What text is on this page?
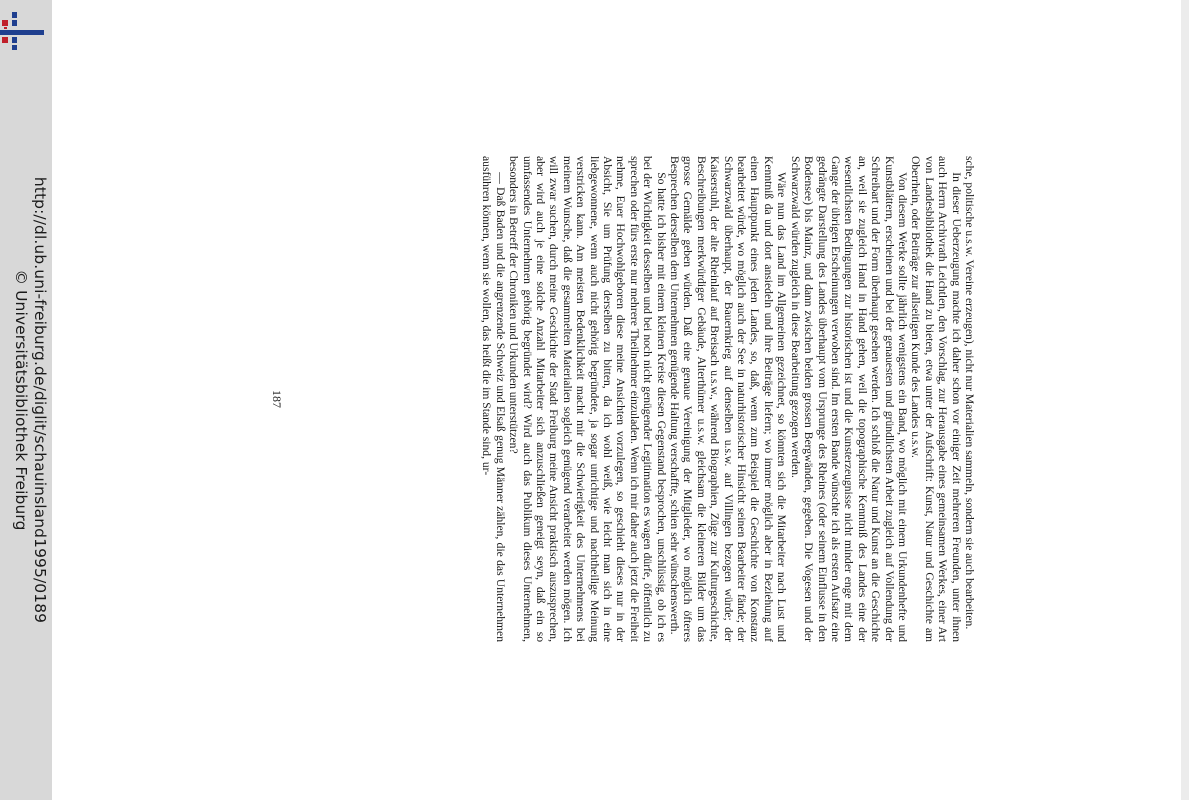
http://dl.ub.uni-freiburg.de/diglit/schauinsland1995/0189
© Universitätsbibliothek Freiburg	sche, politische u.s.w. Vereine erzeugen), nicht nur Materialien sammeln, sondern sie auch bearbeiten.

In dieser Ueberzeugung machte ich daher schon vor einiger Zeit mehreren Freunden, unter ihnen auch Herrn Archivrath Leichtlen, den Vorschlag, zur Herausgabe eines gemeinsamen Werkes, einer Art von Landesbibliothek die Hand zu bieten, etwa unter der Aufschrift: Kunst, Natur und Geschichte am Oberrhein, oder Beiträge zur allseitigen Kunde des Landes u.s.w.

Von diesem Werke sollte jährlich wenigstens ein Band, wo möglich mit einem Urkundenhefte und Kunstblättern, erscheinen und bei der genauesten und gründlichsten Arbeit zugleich auf Vollendung der Schreibart und der Form überhaupt gesehen werden. Ich schloß die Natur und Kunst an die Geschichte an, weil sie zugleich Hand in Hand gehen, weil die topographische Kenntniß des Landes eine der wesentlichsten Bedingungen zur historischen ist und die Kunsterzeugnisse nicht minder enge mit dem Gange der übrigen Erscheinungen verwoben sind. Im ersten Bande wünschte ich als ersten Aufsatz eine gedrängte Darstellung des Landes überhaupt vom Ursprunge des Rheines (oder seinem Einflusse in den Bodensee) bis Mainz, und dann zwischen beiden grossen Bergwänden, gegeben. Die Vogesen und der Schwarzwald würden zugleich in diese Bearbeitung gezogen werden.

Wäre nun das Land im Allgemeinen gezeichnet, so könnten sich die Mitarbeiter nach Lust und Kenntniß da und dort ansiedeln und ihre Beiträge liefern; wo immer möglich aber in Beziehung auf einen Hauptpunkt eines jeden Landes, so, daß, wenn zum Beispiel die Geschichte von Konstanz bearbeitet würde, wo möglich auch der See in naturhistorischer Hinsicht seinen Bearbeiter fände; der Schwarzwald überhaupt, der Bauernkrieg auf denselben u.s.w. auf Villingen bezogen würde; der Kaiserstuhl, der alte Rheinlauf auf Breisach u.s.w., während Biographien, Züge zur Kulturgeschichte, Beschreibungen merkwürdiger Gebäude, Alterthümer u.s.w. gleichsam die kleineren Bilder um das grosse Gemälde geben würden. Daß eine genaue Vereinigung der Mitglieder, wo möglich öfteres Besprechen derselben dem Unternehmen genügende Haltung verschaffte, schien sehr wünschenswerth.

So hatte ich bisher mit einem kleinen Kreise diesen Gegenstand besprochen, unschlüssig, ob ich es bei der Wichtigkeit desselben und bei noch nicht genügender Legitimation es wagen dürfe, öffentlich zu sprechen oder fürs erste nur mehrere Theilnehmer einzuladen. Wenn ich mir daher auch jetzt die Freiheit nehme, Euer Hochwohlgeboren diese meine Ansichten vorzulegen, so geschieht dieses nur in der Absicht, Sie um Prüfung derselben zu bitten, da ich wohl weiß, wie leicht man sich in eine liebgewonnene, wenn auch nicht gehörig begründete, ja sogar unrichtige und nachtheilige Meinung verstricken kann. Am meisten Bedenklichkeit macht mir die Schwierigkeit des Unternehmens bei meinem Wunsche, daß die gesammelten Materialien sogleich genügend verarbeitet werden mögen. Ich will zwar suchen, durch meine Geschichte der Stadt Freiburg meine Ansicht praktisch auszusprechen, aber wird auch je eine solche Anzahl Mitarbeiter sich anzuschließen geneigt seyn, daß ein so umfassendes Unternehmen gehörig begründet wird? Wird auch das Publikum dieses Unternehmen, besonders in Betreff der Chroniken und Urkunden unterstützen?

— Daß Baden und die angrenzende Schweiz und Elsaß genug Männer zählen, die das Unternehmen ausführen können, wenn sie wollen, das heißt die im Stande sind, ur-

187
